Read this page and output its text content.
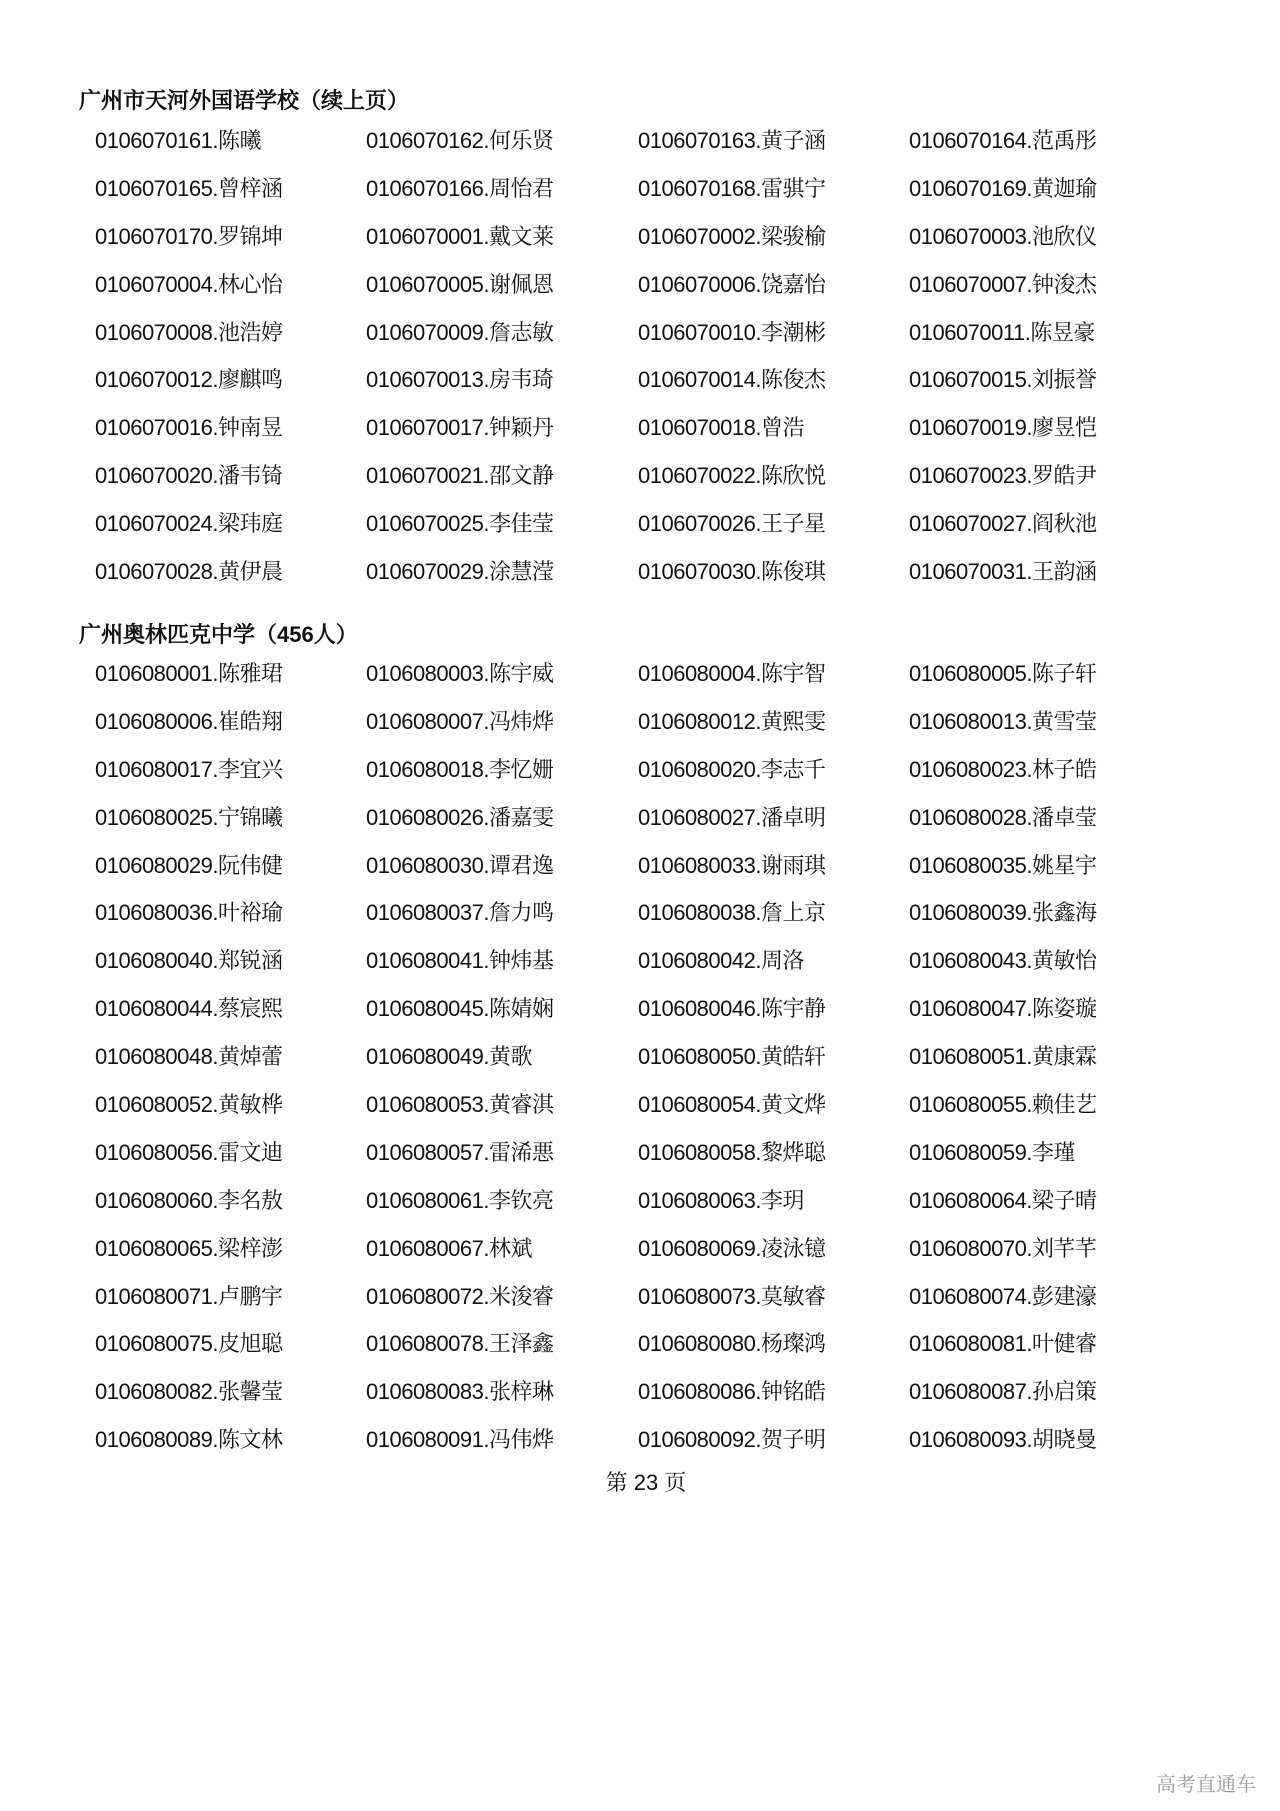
广州市天河外国语学校（续上页）
0106070161.陈曦	0106070162.何乐贤	0106070163.黄子涵	0106070164.范禹彤
0106070165.曾梓涵	0106070166.周怡君	0106070168.雷骐宁	0106070169.黄迦瑜
0106070170.罗锦坤	0106070001.戴文莱	0106070002.梁骏榆	0106070003.池欣仪
0106070004.林心怡	0106070005.谢佩恩	0106070006.饶嘉怡	0106070007.钟浚杰
0106070008.池浩婷	0106070009.詹志敏	0106070010.李潮彬	0106070011.陈昱豪
0106070012.廖麒鸣	0106070013.房韦琦	0106070014.陈俊杰	0106070015.刘振誉
0106070016.钟南昱	0106070017.钟颖丹	0106070018.曾浩	0106070019.廖昱恺
0106070020.潘韦锜	0106070021.邵文静	0106070022.陈欣悦	0106070023.罗皓尹
0106070024.梁玮庭	0106070025.李佳莹	0106070026.王子星	0106070027.阎秋池
0106070028.黄伊晨	0106070029.涂慧滢	0106070030.陈俊琪	0106070031.王韵涵
广州奥林匹克中学（456人）
0106080001.陈雅珺	0106080003.陈宇威	0106080004.陈宇智	0106080005.陈子轩
0106080006.崔皓翔	0106080007.冯炜烨	0106080012.黄熙雯	0106080013.黄雪莹
0106080017.李宜兴	0106080018.李忆姗	0106080020.李志千	0106080023.林子皓
0106080025.宁锦曦	0106080026.潘嘉雯	0106080027.潘卓明	0106080028.潘卓莹
0106080029.阮伟健	0106080030.谭君逸	0106080033.谢雨琪	0106080035.姚星宇
0106080036.叶裕瑜	0106080037.詹力鸣	0106080038.詹上京	0106080039.张鑫海
0106080040.郑锐涵	0106080041.钟炜基	0106080042.周洛	0106080043.黄敏怡
0106080044.蔡宸熙	0106080045.陈婧娴	0106080046.陈宇静	0106080047.陈姿璇
0106080048.黄焯蕾	0106080049.黄歌	0106080050.黄皓轩	0106080051.黄康霖
0106080052.黄敏桦	0106080053.黄睿淇	0106080054.黄文烨	0106080055.赖佳艺
0106080056.雷文迪	0106080057.雷浠悪	0106080058.黎烨聪	0106080059.李瑾
0106080060.李名敖	0106080061.李钦亮	0106080063.李玥	0106080064.梁子晴
0106080065.梁梓澎	0106080067.林斌	0106080069.凌泳镱	0106080070.刘芊芊
0106080071.卢鹏宇	0106080072.米浚睿	0106080073.莫敏睿	0106080074.彭建濠
0106080075.皮旭聪	0106080078.王泽鑫	0106080080.杨璨鸿	0106080081.叶健睿
0106080082.张馨莹	0106080083.张梓琳	0106080086.钟铭皓	0106080087.孙启策
0106080089.陈文林	0106080091.冯伟烨	0106080092.贺子明	0106080093.胡晓曼
第 23 页
高考直通车
